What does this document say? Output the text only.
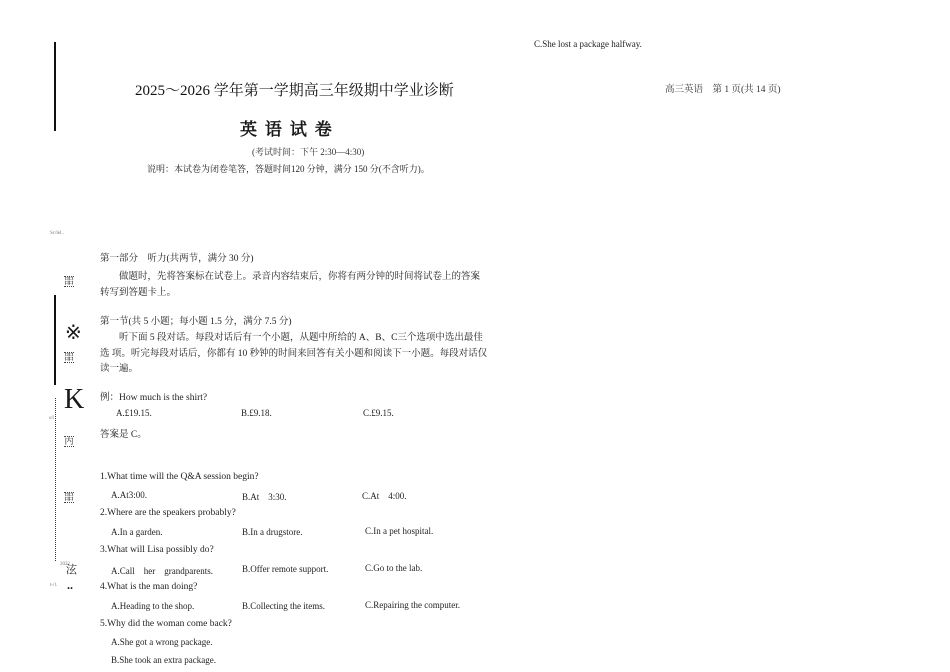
Sc/lel..
㗊
※
㗊
K
s/l
内
㗊
2022
泫
..
t-/l.
2025～2026 学年第一学期高三年级期中学业诊断
英 语 试 卷
(考试时间：下午 2:30—4:30)
说明：本试卷为闭卷笔答，答题时间120 分钟，满分 150 分(不含听力)。
高三英语　第 1 页(共 14 页)
第一部分　听力(共两节，满分 30 分)
做题时，先将答案标在试卷上。录音内容结束后，你将有两分钟的时间将试卷上的答案转写到答题卡上。
第一节(共 5 小题；每小题 1.5 分，满分 7.5 分)
听下面 5 段对话。每段对话后有一个小题，从题中所给的 A、B、C三个选项中选出最佳选 项。听完每段对话后，你都有 10 秒钟的时间来回答有关小题和阅读下一小题。每段对话仅　读一遍。
例：How much is the shirt?
A.£19.15.	B.£9.18.	C.£9.15.
答案是 C。
1.What time will the Q&A session begin?
A.At3:00.	B.At　3:30.	C.At　4:00.
2.Where are the speakers probably?
A.In a garden.	B.In a drugstore.	C.In a pet hospital.
3.What will Lisa possibly do?
A.Call　her　grandparents.	B.Offer remote support.	C.Go to the lab.
4.What is the man doing?
A.Heading to the shop.	B.Collecting the items.	C.Repairing the computer.
5.Why did the woman come back?
A.She got a wrong package.
B.She took an extra package.
C.She lost a package halfway.
